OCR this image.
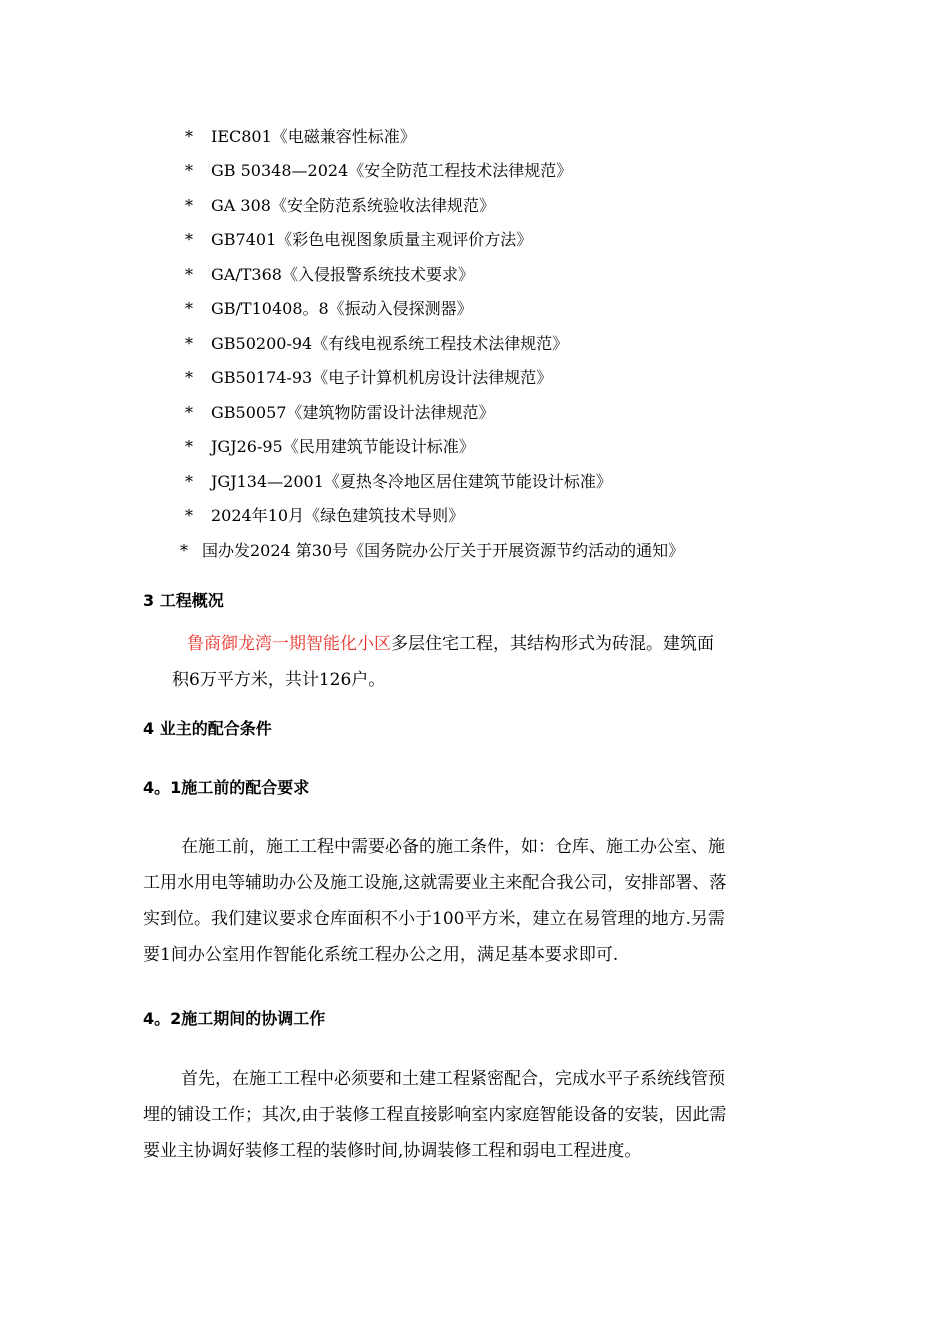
* IEC801《电磁兼容性标准》
* GB 50348—2024《安全防范工程技术法律规范》
* GA 308《安全防范系统验收法律规范》
* GB7401《彩色电视图象质量主观评价方法》
* GA/T368《入侵报警系统技术要求》
* GB/T10408。8《振动入侵探测器》
* GB50200-94《有线电视系统工程技术法律规范》
* GB50174-93《电子计算机机房设计法律规范》
* GB50057《建筑物防雷设计法律规范》
* JGJ26-95《民用建筑节能设计标准》
* JGJ134—2001《夏热冬冷地区居住建筑节能设计标准》
* 2024年10月《绿色建筑技术导则》
* 国办发2024 第30号《国务院办公厅关于开展资源节约活动的通知》
3 工程概况

鲁商御龙湾一期智能化小区多层住宅工程，其结构形式为砖混。建筑面

积6万平方米，共计126户。

4 业主的配合条件
4。1施工前的配合要求

在施工前，施工工程中需要必备的施工条件，如：仓库、施工办公室、施

工用水用电等辅助办公及施工设施,这就需要业主来配合我公司，安排部署、落

实到位。我们建议要求仓库面积不小于100平方米，建立在易管理的地方.另需

要1间办公室用作智能化系统工程办公之用，满足基本要求即可.

4。2施工期间的协调工作

首先，在施工工程中必须要和土建工程紧密配合，完成水平子系统线管预

埋的铺设工作；其次,由于装修工程直接影响室内家庭智能设备的安装，因此需

要业主协调好装修工程的装修时间,协调装修工程和弱电工程进度。
